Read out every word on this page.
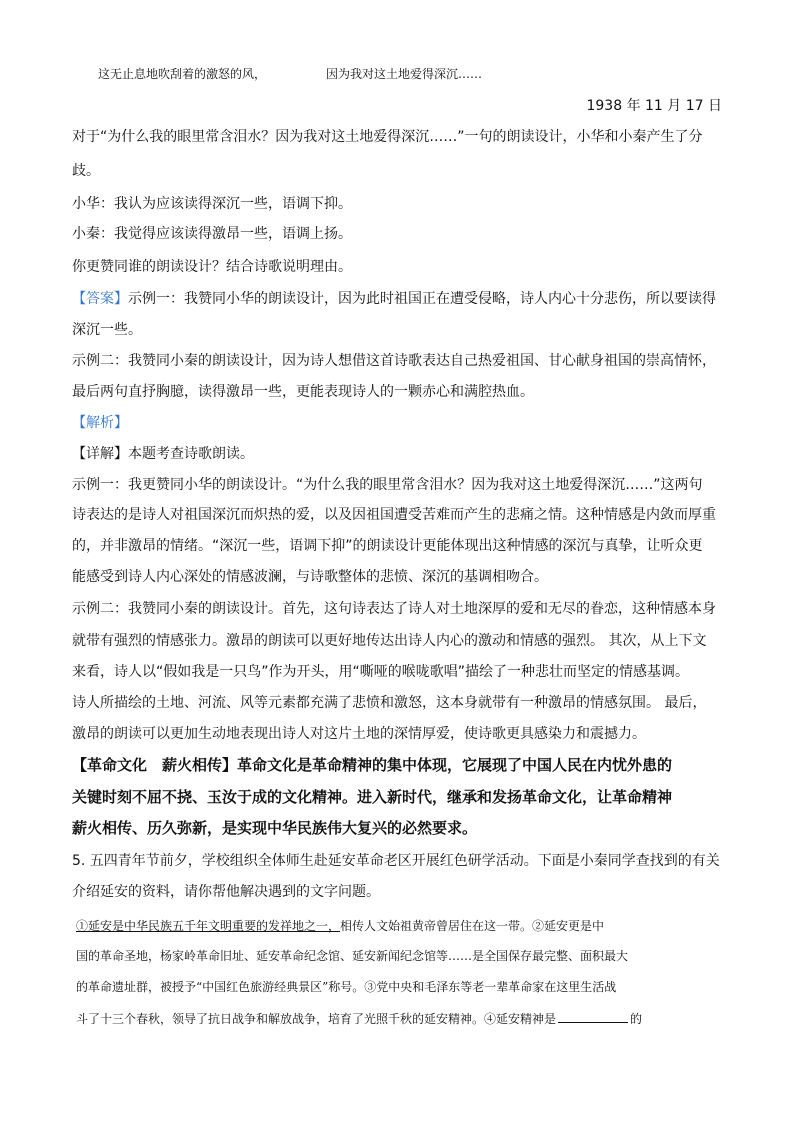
这无止息地吹刮着的激怒的风，	因为我对这土地爱得深沉……
1938 年 11 月 17 日
对于“为什么我的眼里常含泪水？因为我对这土地爱得深沉……”一句的朗读设计，小华和小秦产生了分
歧。
小华：我认为应该读得深沉一些，语调下抑。
小秦：我觉得应该读得激昂一些，语调上扬。
你更赞同谁的朗读设计？结合诗歌说明理由。
【答案】示例一：我赞同小华的朗读设计，因为此时祖国正在遭受侵略，诗人内心十分悲伤，所以要读得
深沉一些。
示例二：我赞同小秦的朗读设计，因为诗人想借这首诗歌表达自己热爱祖国、甘心献身祖国的崇高情怀，
最后两句直抒胸臆，读得激昂一些，更能表现诗人的一颗赤心和满腔热血。
【解析】
【详解】本题考查诗歌朗读。
示例一：我更赞同小华的朗读设计。“为什么我的眼里常含泪水？因为我对这土地爱得深沉……”这两句
诗表达的是诗人对祖国深沉而炽热的爱，以及因祖国遭受苦难而产生的悲痛之情。这种情感是内敛而厚重
的，并非激昂的情绪。“深沉一些，语调下抑”的朗读设计更能体现出这种情感的深沉与真挚，让听众更
能感受到诗人内心深处的情感波澜，与诗歌整体的悲愤、深沉的基调相吻合。
示例二：我赞同小秦的朗读设计。首先，这句诗表达了诗人对土地深厚的爱和无尽的眷恋，这种情感本身
就带有强烈的情感张力。激昂的朗读可以更好地传达出诗人内心的激动和情感的强烈。 其次，从上下文
来看，诗人以“假如我是一只鸟”作为开头，用“嘶哑的喉咙歌唱”描绘了一种悲壮而坚定的情感基调。
诗人所描绘的土地、河流、风等元素都充满了悲愤和激怒，这本身就带有一种激昂的情感氛围。 最后，
激昂的朗读可以更加生动地表现出诗人对这片土地的深情厚爱，使诗歌更具感染力和震撼力。
【革命文化　薪火相传】革命文化是革命精神的集中体现，它展现了中国人民在内忧外患的
关键时刻不屈不挠、玉汝于成的文化精神。进入新时代，继承和发扬革命文化，让革命精神
薪火相传、历久弥新，是实现中华民族伟大复兴的必然要求。
5. 五四青年节前夕，学校组织全体师生赴延安革命老区开展红色研学活动。下面是小秦同学查找到的有关
介绍延安的资料，请你帮他解决遇到的文字问题。
①延安是中华民族五千年文明重要的发祥地之一，相传人文始祖黄帝曾居住在这一带。②延安更是中
国的革命圣地，杨家岭革命旧址、延安革命纪念馆、延安新闻纪念馆等……是全国保存最完整、面积最大
的革命遗址群，被授予“中国红色旅游经典景区”称号。③党中央和毛泽东等老一辈革命家在这里生活战
斗了十三个春秋，领导了抗日战争和解放战争，培育了光照千秋的延安精神。④延安精神是	的
